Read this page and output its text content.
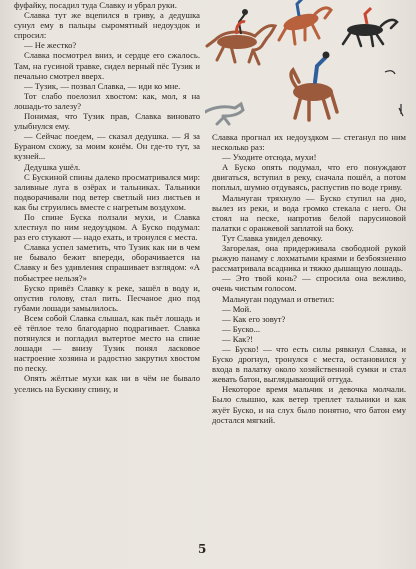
фуфайку, посадил туда Славку и убрал руки.

Славка тут же вцепился в гриву, а дедушка сунул ему в пальцы сыромятный недоуздок и спросил:

— Не жестко?

Славка посмотрел вниз, и сердце его сжалось. Там, на гусиной травке, сидел верный пёс Тузик и печально смотрел вверх.

— Тузик, — позвал Славка, — иди ко мне.

Тот слабо поелозил хвостом: как, мол, я на лошадь-то залезу?

Понимая, что Тузик прав, Славка виновато улыбнулся ему.

— Сейчас поедем, — сказал дедушка. — Я за Бураном схожу, за моим конём. Он где-то тут, за кузней...

Дедушка ушёл.

С Бускиной спины далеко просматривался мир: заливные луга в озёрах и тальниках. Тальники подворачивали под ветер светлый низ листьев и как бы струились вместе с нагретым воздухом.

По спине Буска ползали мухи, и Славка хлестнул по ним недоуздком. А Буско подумал: раз его стукают — надо ехать, и тронулся с места.

Славка успел заметить, что Тузик как ни в чем не бывало бежит впереди, оборачивается на Славку и без удивления спрашивает взглядом: «А побыстрее нельзя?»

Буско привёз Славку к реке, зашёл в воду и, опустив голову, стал пить. Песчаное дно под губами лошади замылилось.

Всем собой Славка слышал, как пьёт лошадь и её тёплое тело благодарно подрагивает. Славка потянулся и погладил вытертое место на спине лошади — внизу Тузик понял ласковое настроение хозяина и радостно закрутил хвостом по песку.

Опять жёлтые мухи как ни в чём не бывало уселись на Бускину спину, и

Славка прогнал их недоуздком — стеганул по ним несколько раз:

— Уходите отсюда, мухи!

А Буско опять подумал, что его понуждают двигаться, вступил в реку, сначала пошёл, а потом поплыл, шумно отдуваясь, распустив по воде гриву.

Мальчуган тряхнуло — Буско ступил на дно, вылез из реки, и вода громко стекала с него. Он стоял на песке, напротив белой парусиновой палатки с оранжевой заплатой на боку.

Тут Славка увидел девочку.

Загорелая, она придерживала свободной рукой рыжую панаму с лохматыми краями и безбоязненно рассматривала всадника и тяжко дышащую лошадь.

— Это твой конь? — спросила она вежливо, очень чистым голосом.

Мальчуган подумал и ответил:

— Мой.

— Как его зовут?

— Буско...

— Как?!

— Буско! — что есть силы рявкнул Славка, и Буско дрогнул, тронулся с места, остановился у входа в палатку около хозяйственной сумки и стал жевать батон, выглядывающий оттуда.

Некоторое время мальчик и девочка молчали. Было слышно, как ветер треплет тальники и как жуёт Буско, и на слух было понятно, что батон ему достался мягкий.

5
